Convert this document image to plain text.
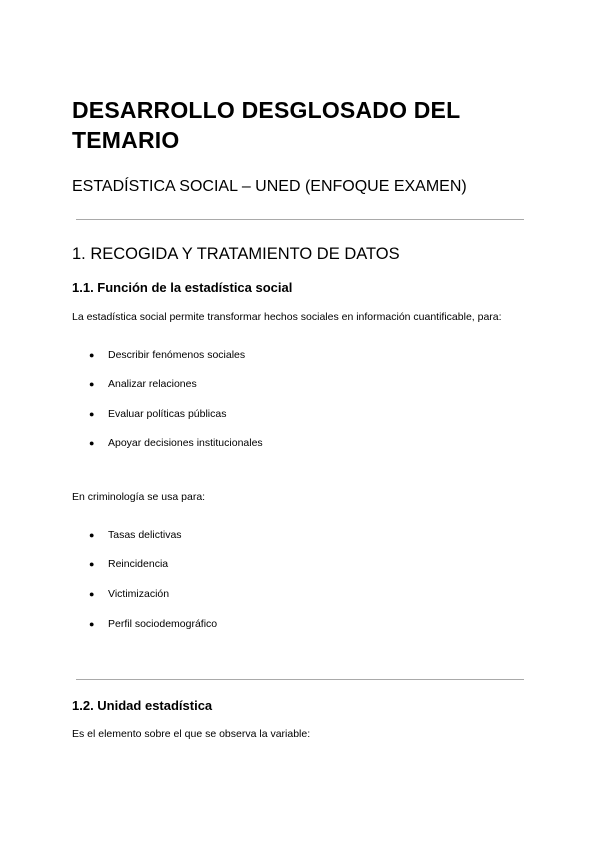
DESARROLLO DESGLOSADO DEL TEMARIO
ESTADÍSTICA SOCIAL – UNED (ENFOQUE EXAMEN)
1. RECOGIDA Y TRATAMIENTO DE DATOS
1.1. Función de la estadística social

La estadística social permite transformar hechos sociales en información cuantificable, para:

●	Describir fenómenos sociales
●	Analizar relaciones
●	Evaluar políticas públicas
●	Apoyar decisiones institucionales

En criminología se usa para:

●	Tasas delictivas
●	Reincidencia
●	Victimización
●	Perfil sociodemográfico
1.2. Unidad estadística

Es el elemento sobre el que se observa la variable:
